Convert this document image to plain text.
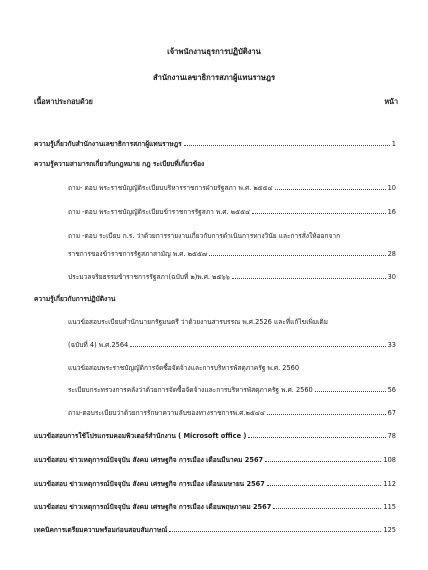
เจ้าพนักงานธุรการปฏิบัติงาน
สำนักงานเลขาธิการสภาผู้แทนราษฎร
เนื้อหาประกอบด้วย	หน้า
ความรู้เกี่ยวกับสำนักงานเลขาธิการสภาผู้แทนราษฎร	1
ความรู้ความสามารถเกี่ยวกับกฎหมาย กฎ ระเบียบที่เกี่ยวข้อง
ถาม- ตอบ พระราชบัญญัติระเบียบบริหารราชการฝ่ายรัฐสภา พ.ศ. ๒๕๕๔	10
ถาม -ตอบ พระราชบัญญัติระเบียบข้าราชการรัฐสภา พ.ศ. ๒๕๕๔	16
ถาม -ตอบ ระเบียบ ก.ร. ว่าด้วยการรายงานเกี่ยวกับการดำเนินการทางวินัย และการสั่งให้ออกจาก
ราชการของข้าราชการรัฐสภาสามัญ พ.ศ. ๒๕๕๗	28
ประมวลจริยธรรมข้าราชการรัฐสภา(ฉบับที่ ๒)พ.ศ. ๒๕๖๖	30
ความรู้เกี่ยวกับการปฏิบัติงาน
แนวข้อสอบระเบียบสำนักนายกรัฐมนตรี ว่าด้วยงานสารบรรณ พ.ศ.2526 และที่แก้ไขเพิ่มเติม
(ฉบับที่ 4) พ.ศ.2564	33
แนวข้อสอบพระราชบัญญัติการจัดซื้อจัดจ้างและการบริหารพัสดุภาครัฐ พ.ศ. 2560
ระเบียบกระทรวงการคลังว่าด้วยการจัดซื้อจัดจ้างและการบริหารพัสดุภาครัฐ พ.ศ. 2560	56
ถาม-ตอบระเบียบว่าด้วยการรักษาความลับของทางราชการพ.ศ.๒๕๔๔	67
แนวข้อสอบการใช้โปรแกรมคอมพิวเตอร์สำนักงาน ( Microsoft office )	78
แนวข้อสอบ ข่าวเหตุการณ์ปัจจุบัน สังคม เศรษฐกิจ การเมือง เดือนมีนาคม 2567	108
แนวข้อสอบ ข่าวเหตุการณ์ปัจจุบัน สังคม เศรษฐกิจ การเมือง เดือนเมษายน 2567	112
แนวข้อสอบ ข่าวเหตุการณ์ปัจจุบัน สังคม เศรษฐกิจ การเมือง เดือนพฤษภาคม 2567	115
เทคนิคการเตรียมความพร้อมก่อนสอบสัมภาษณ์	125
